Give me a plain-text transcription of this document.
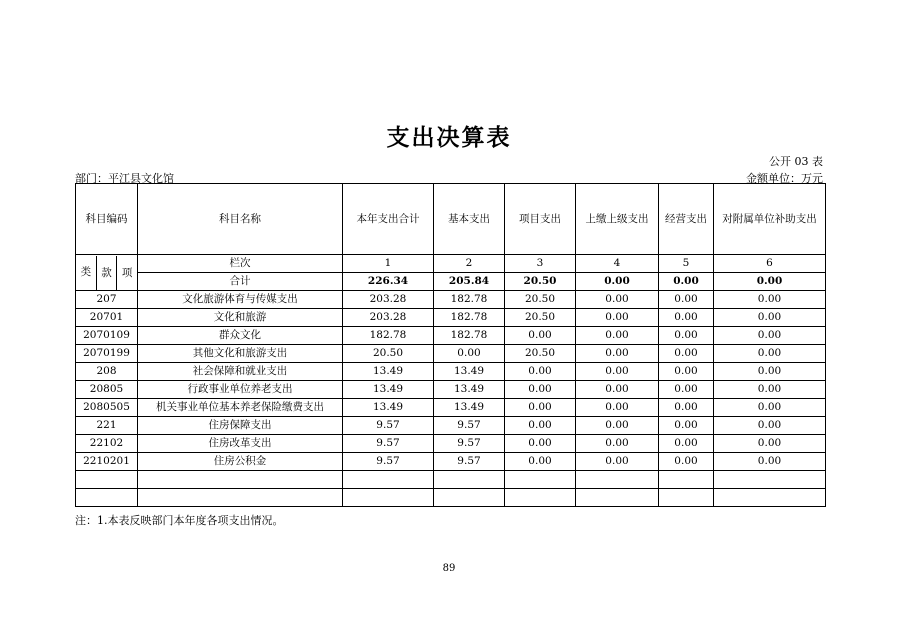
支出决算表
公开 03 表
部门：平江县文化馆	金额单位：万元
科目编码	科目名称	本年支出合计	基本支出	项目支出	上缴上级支出	经营支出	对附属单位补助支出

类 款 项	栏次	1	2	3	4	5	6
	合计	226.34	205.84	20.50	0.00	0.00	0.00
207	文化旅游体育与传媒支出	203.28	182.78	20.50	0.00	0.00	0.00
20701	文化和旅游	203.28	182.78	20.50	0.00	0.00	0.00
2070109	群众文化	182.78	182.78	0.00	0.00	0.00	0.00
2070199	其他文化和旅游支出	20.50	0.00	20.50	0.00	0.00	0.00
208	社会保障和就业支出	13.49	13.49	0.00	0.00	0.00	0.00
20805	行政事业单位养老支出	13.49	13.49	0.00	0.00	0.00	0.00
2080505	机关事业单位基本养老保险缴费支出	13.49	13.49	0.00	0.00	0.00	0.00
221	住房保障支出	9.57	9.57	0.00	0.00	0.00	0.00
22102	住房改革支出	9.57	9.57	0.00	0.00	0.00	0.00
2210201	住房公积金	9.57	9.57	0.00	0.00	0.00	0.00

注：1.本表反映部门本年度各项支出情况。
89
